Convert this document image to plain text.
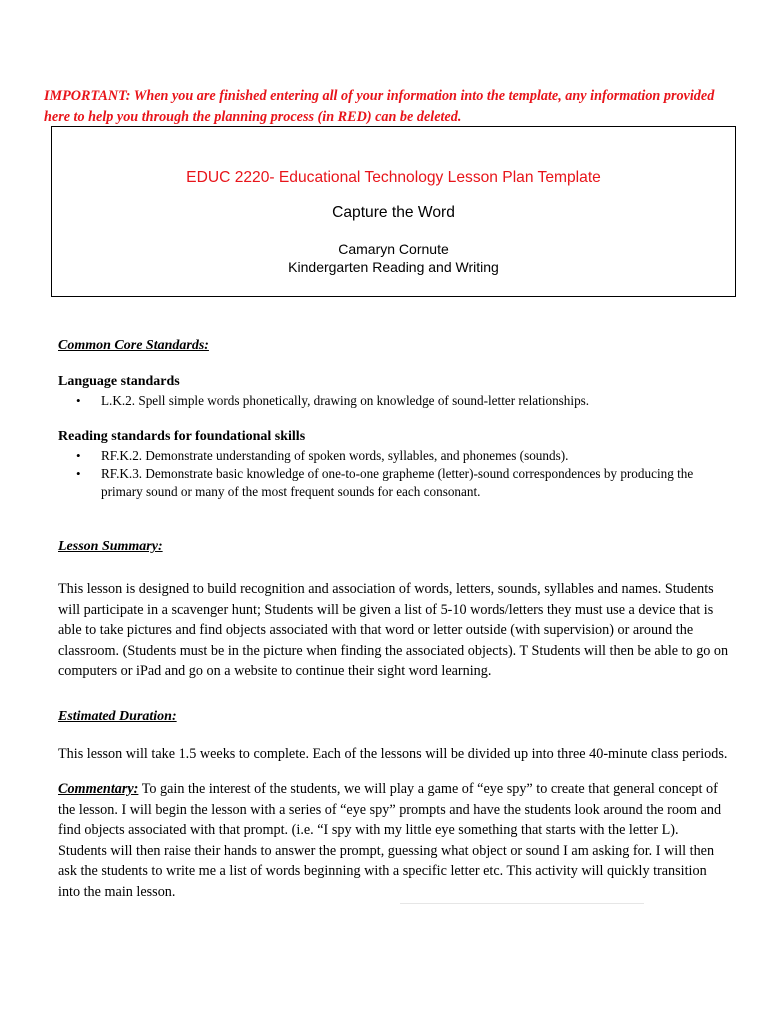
IMPORTANT: When you are finished entering all of your information into the template, any information provided here to help you through the planning process (in RED) can be deleted.
EDUC 2220- Educational Technology Lesson Plan Template
Capture the Word
Camaryn Cornute
Kindergarten Reading and Writing
Common Core Standards:
Language standards
• L.K.2. Spell simple words phonetically, drawing on knowledge of sound-letter relationships.
Reading standards for foundational skills
• RF.K.2. Demonstrate understanding of spoken words, syllables, and phonemes (sounds).
• RF.K.3. Demonstrate basic knowledge of one-to-one grapheme (letter)-sound correspondences by producing the primary sound or many of the most frequent sounds for each consonant.
Lesson Summary:

This lesson is designed to build recognition and association of words, letters, sounds, syllables and names. Students will participate in a scavenger hunt; Students will be given a list of 5-10 words/letters they must use a device that is able to take pictures and find objects associated with that word or letter outside (with supervision) or around the classroom. (Students must be in the picture when finding the associated objects). T Students will then be able to go on computers or iPad and go on a website to continue their sight word learning.

Estimated Duration:

This lesson will take 1.5 weeks to complete. Each of the lessons will be divided up into three 40-minute class periods.

Commentary: To gain the interest of the students, we will play a game of “eye spy” to create that general concept of the lesson. I will begin the lesson with a series of “eye spy” prompts and have the students look around the room and find objects associated with that prompt. (i.e. “I spy with my little eye something that starts with the letter L). Students will then raise their hands to answer the prompt, guessing what object or sound I am asking for. I will then ask the students to write me a list of words beginning with a specific letter etc. This activity will quickly transition into the main lesson.
